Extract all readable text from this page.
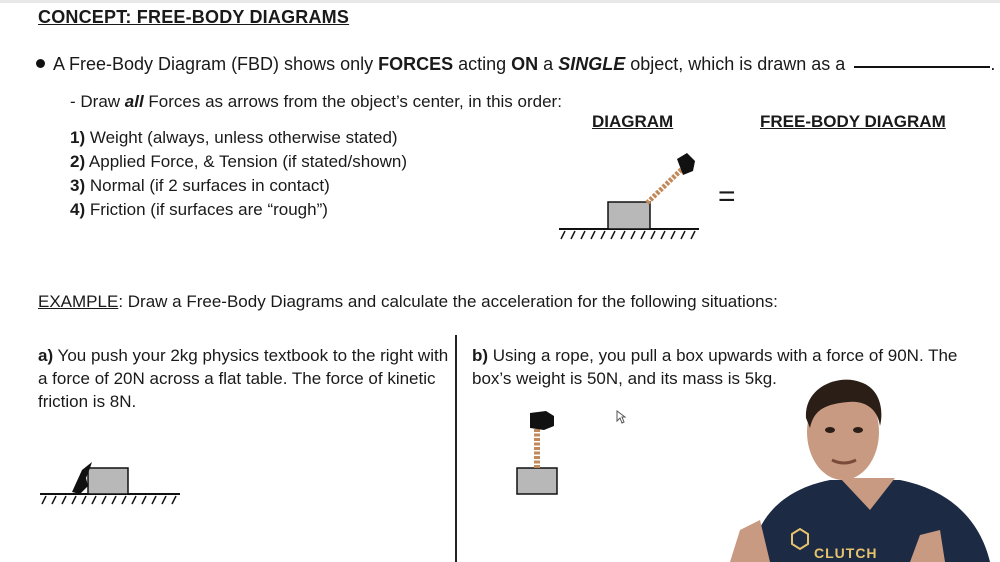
CONCEPT: FREE-BODY DIAGRAMS
A Free-Body Diagram (FBD) shows only FORCES acting ON a SINGLE object, which is drawn as a	.
- Draw all Forces as arrows from the object’s center, in this order:
1) Weight (always, unless otherwise stated)
2) Applied Force, & Tension (if stated/shown)
3) Normal (if 2 surfaces in contact)
4) Friction (if surfaces are “rough”)
DIAGRAM	FREE-BODY DIAGRAM
=
EXAMPLE: Draw a Free-Body Diagrams and calculate the acceleration for the following situations:
a) You push your 2kg physics textbook to the right with
a force of 20N across a flat table. The force of kinetic
friction is 8N.
b) Using a rope, you pull a box upwards with a force of 90N. The
box’s weight is 50N, and its mass is 5kg.
CLUTCH
